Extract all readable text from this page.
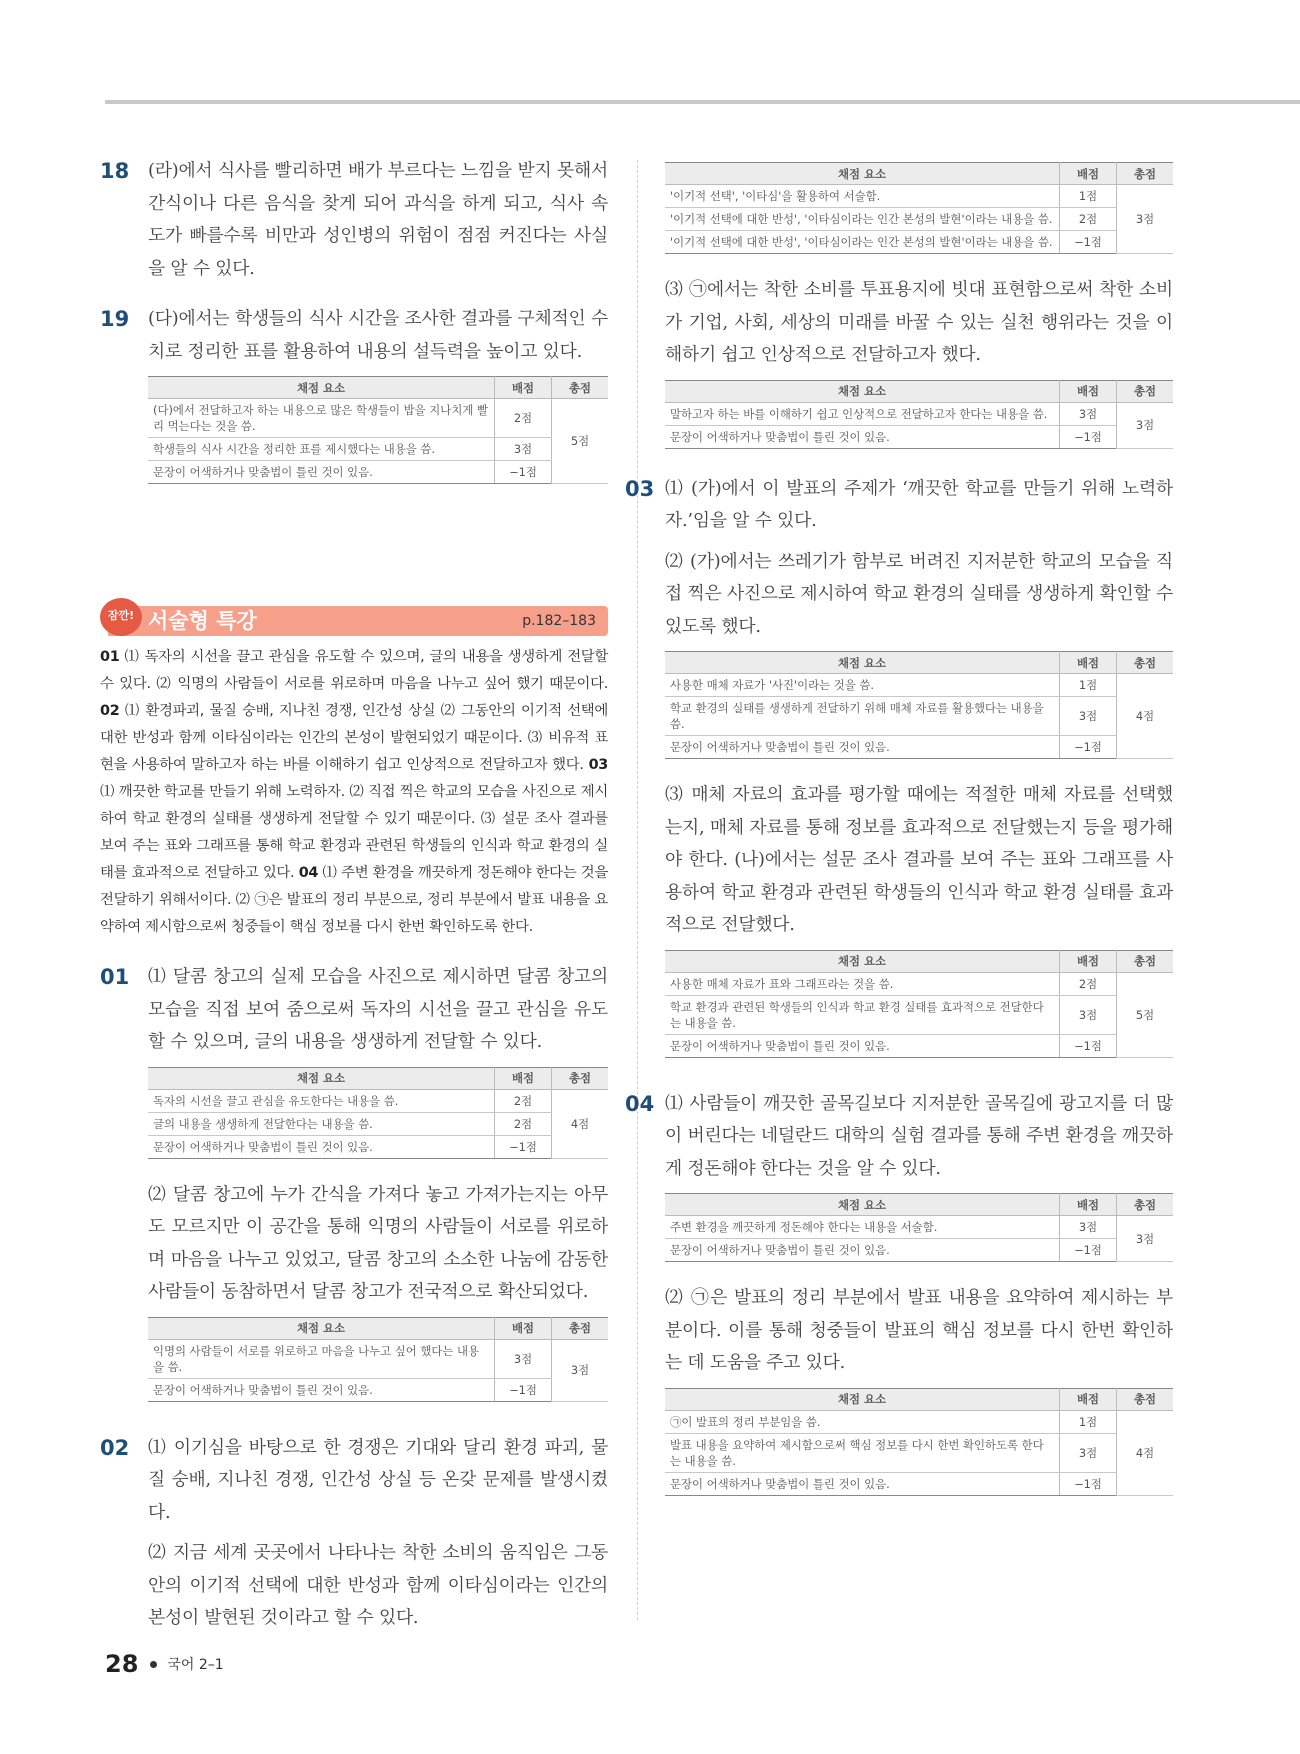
18	(라)에서 식사를 빨리하면 배가 부르다는 느낌을 받지 못해서 간식이나 다른 음식을 찾게 되어 과식을 하게 되고, 식사 속도가 빠를수록 비만과 성인병의 위험이 점점 커진다는 사실을 알 수 있다.

19	(다)에서는 학생들의 식사 시간을 조사한 결과를 구체적인 수치로 정리한 표를 활용하여 내용의 설득력을 높이고 있다.

채점 요소	배점	총점
(다)에서 전달하고자 하는 내용으로 많은 학생들이 밥을 지나치게 빨리 먹는다는 것을 씀.	2점	5점
학생들의 식사 시간을 정리한 표를 제시했다는 내용을 씀.	3점	
문장이 어색하거나 맞춤법이 틀린 것이 있음.	−1점	
잠깐! 서술형 특강	p.182–183

01 ⑴ 독자의 시선을 끌고 관심을 유도할 수 있으며, 글의 내용을 생생하게 전달할 수 있다. ⑵ 익명의 사람들이 서로를 위로하며 마음을 나누고 싶어 했기 때문이다. 02 ⑴ 환경파괴, 물질 숭배, 지나친 경쟁, 인간성 상실 ⑵ 그동안의 이기적 선택에 대한 반성과 함께 이타심이라는 인간의 본성이 발현되었기 때문이다. ⑶ 비유적 표현을 사용하여 말하고자 하는 바를 이해하기 쉽고 인상적으로 전달하고자 했다. 03 ⑴ 깨끗한 학교를 만들기 위해 노력하자. ⑵ 직접 찍은 학교의 모습을 사진으로 제시하여 학교 환경의 실태를 생생하게 전달할 수 있기 때문이다. ⑶ 설문 조사 결과를 보여 주는 표와 그래프를 통해 학교 환경과 관련된 학생들의 인식과 학교 환경의 실태를 효과적으로 전달하고 있다. 04 ⑴ 주변 환경을 깨끗하게 정돈해야 한다는 것을 전달하기 위해서이다. ⑵ ㉠은 발표의 정리 부분으로, 정리 부분에서 발표 내용을 요약하여 제시함으로써 청중들이 핵심 정보를 다시 한번 확인하도록 한다.

01	⑴ 달콤 창고의 실제 모습을 사진으로 제시하면 달콤 창고의 모습을 직접 보여 줌으로써 독자의 시선을 끌고 관심을 유도할 수 있으며, 글의 내용을 생생하게 전달할 수 있다.

채점 요소	배점	총점
독자의 시선을 끌고 관심을 유도한다는 내용을 씀.	2점	4점
글의 내용을 생생하게 전달한다는 내용을 씀.	2점	
문장이 어색하거나 맞춤법이 틀린 것이 있음.	−1점	

⑵ 달콤 창고에 누가 간식을 가져다 놓고 가져가는지는 아무도 모르지만 이 공간을 통해 익명의 사람들이 서로를 위로하며 마음을 나누고 있었고, 달콤 창고의 소소한 나눔에 감동한 사람들이 동참하면서 달콤 창고가 전국적으로 확산되었다.

채점 요소	배점	총점
익명의 사람들이 서로를 위로하고 마음을 나누고 싶어 했다는 내용을 씀.	3점	3점
문장이 어색하거나 맞춤법이 틀린 것이 있음.	−1점	
02	⑴ 이기심을 바탕으로 한 경쟁은 기대와 달리 환경 파괴, 물질 숭배, 지나친 경쟁, 인간성 상실 등 온갖 문제를 발생시켰다.

⑵ 지금 세계 곳곳에서 나타나는 착한 소비의 움직임은 그동안의 이기적 선택에 대한 반성과 함께 이타심이라는 인간의 본성이 발현된 것이라고 할 수 있다.

채점 요소	배점	총점
'이기적 선택', '이타심'을 활용하여 서술함.	1점	3점
'이기적 선택에 대한 반성', '이타심이라는 인간 본성의 발현'이라는 내용을 씀.	2점	
'이기적 선택에 대한 반성', '이타심이라는 인간 본성의 발현'이라는 내용을 씀.	−1점	

⑶ ㉠에서는 착한 소비를 투표용지에 빗대 표현함으로써 착한 소비가 기업, 사회, 세상의 미래를 바꿀 수 있는 실천 행위라는 것을 이해하기 쉽고 인상적으로 전달하고자 했다.

채점 요소	배점	총점
말하고자 하는 바를 이해하기 쉽고 인상적으로 전달하고자 한다는 내용을 씀.	3점	3점
문장이 어색하거나 맞춤법이 틀린 것이 있음.	−1점	
03 ⑴ (가)에서 이 발표의 주제가 ‘깨끗한 학교를 만들기 위해 노력하자.’임을 알 수 있다.

⑵ (가)에서는 쓰레기가 함부로 버려진 지저분한 학교의 모습을 직접 찍은 사진으로 제시하여 학교 환경의 실태를 생생하게 확인할 수 있도록 했다.

채점 요소	배점	총점
사용한 매체 자료가 '사진'이라는 것을 씀.	1점	4점
학교 환경의 실태를 생생하게 전달하기 위해 매체 자료를 활용했다는 내용을 씀.	3점	
문장이 어색하거나 맞춤법이 틀린 것이 있음.	−1점	

⑶ 매체 자료의 효과를 평가할 때에는 적절한 매체 자료를 선택했는지, 매체 자료를 통해 정보를 효과적으로 전달했는지 등을 평가해야 한다. (나)에서는 설문 조사 결과를 보여 주는 표와 그래프를 사용하여 학교 환경과 관련된 학생들의 인식과 학교 환경 실태를 효과적으로 전달했다.

채점 요소	배점	총점
사용한 매체 자료가 표와 그래프라는 것을 씀.	2점	5점
학교 환경과 관련된 학생들의 인식과 학교 환경 실태를 효과적으로 전달한다는 내용을 씀.	3점	
문장이 어색하거나 맞춤법이 틀린 것이 있음.	−1점	
04 ⑴ 사람들이 깨끗한 골목길보다 지저분한 골목길에 광고지를 더 많이 버린다는 네덜란드 대학의 실험 결과를 통해 주변 환경을 깨끗하게 정돈해야 한다는 것을 알 수 있다.

채점 요소	배점	총점
주변 환경을 깨끗하게 정돈해야 한다는 내용을 서술함.	3점	3점
문장이 어색하거나 맞춤법이 틀린 것이 있음.	−1점	

⑵ ㉠은 발표의 정리 부분에서 발표 내용을 요약하여 제시하는 부분이다. 이를 통해 청중들이 발표의 핵심 정보를 다시 한번 확인하는 데 도움을 주고 있다.

채점 요소	배점	총점
㉠이 발표의 정리 부분임을 씀.	1점	4점
발표 내용을 요약하여 제시함으로써 핵심 정보를 다시 한번 확인하도록 한다는 내용을 씀.	3점	
문장이 어색하거나 맞춤법이 틀린 것이 있음.	−1점	
28 국어 2–1
